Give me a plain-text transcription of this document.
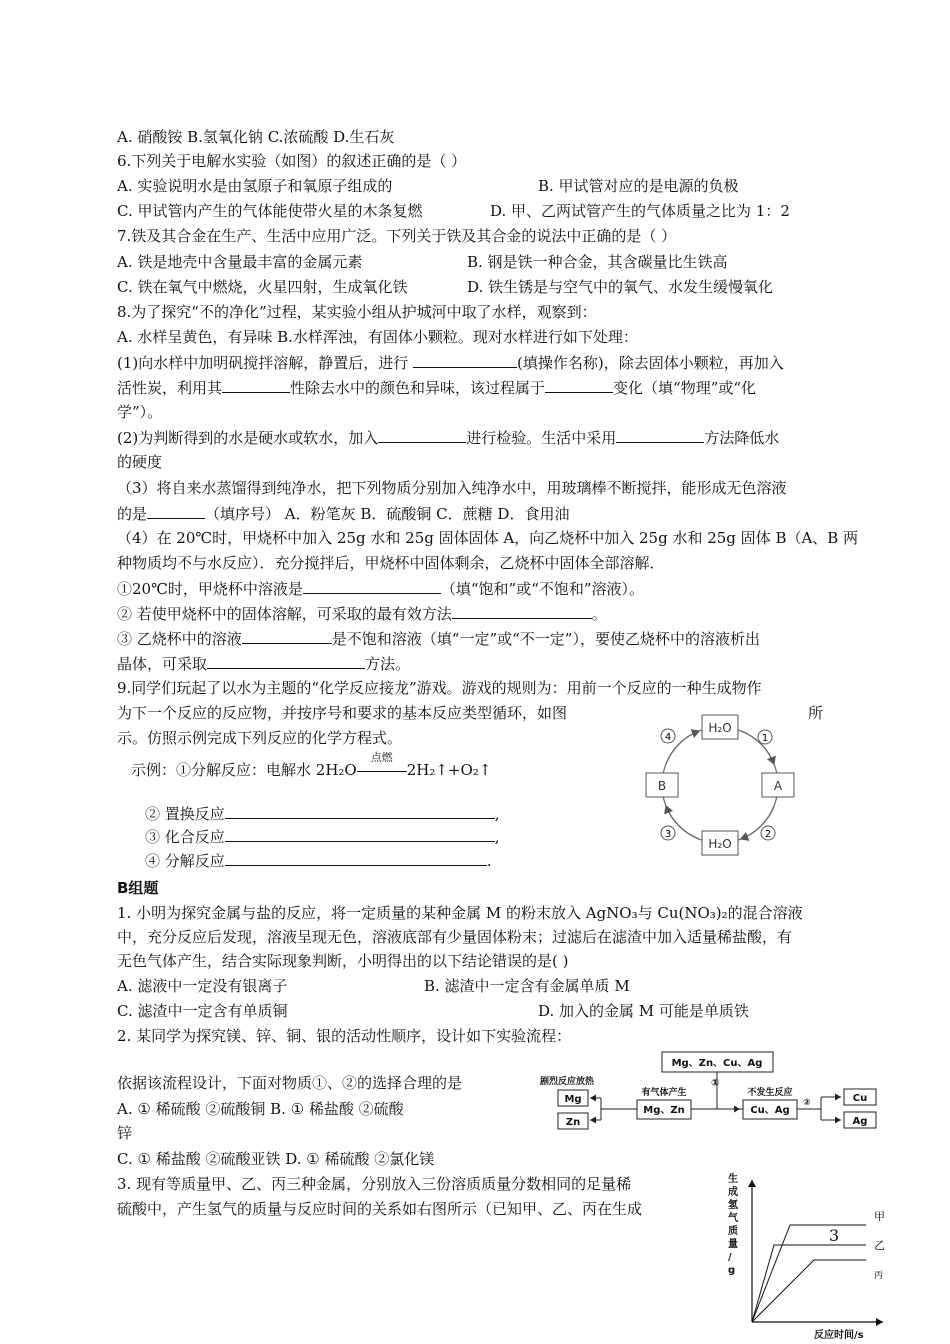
A. 硝酸铵 B.氢氧化钠 C.浓硫酸 D.生石灰
6.下列关于电解水实验（如图）的叙述正确的是（ ）
A. 实验说明水是由氢原子和氧原子组成的	B. 甲试管对应的是电源的负极
C. 甲试管内产生的气体能使带火星的木条复燃	D. 甲、乙两试管产生的气体质量之比为 1：2
7.铁及其合金在生产、生活中应用广泛。下列关于铁及其合金的说法中正确的是（ ）
A. 铁是地壳中含量最丰富的金属元素	B. 钢是铁一种合金，其含碳量比生铁高
C. 铁在氧气中燃烧，火星四射，生成氧化铁	D. 铁生锈是与空气中的氧气、水发生缓慢氧化
8.为了探究“不的净化”过程，某实验小组从护城河中取了水样，观察到：
A. 水样呈黄色，有异味 B.水样浑浊，有固体小颗粒。现对水样进行如下处理：
(1)向水样中加明矾搅拌溶解，静置后，进行	(填操作名称)，除去固体小颗粒，再加入
活性炭，利用其	性除去水中的颜色和异味，该过程属于	变化（填“物理”或“化
学”）。
(2)为判断得到的水是硬水或软水，加入	进行检验。生活中采用	方法降低水
的硬度
（3）将自来水蒸馏得到纯净水，把下列物质分别加入纯净水中，用玻璃棒不断搅拌，能形成无色溶液
的是	（填序号） A．粉笔灰 B．硫酸铜 C．蔗糖 D．食用油
（4）在 20℃时，甲烧杯中加入 25g 水和 25g 固体固体 A，向乙烧杯中加入 25g 水和 25g 固体 B（A、B 两
种物质均不与水反应）．充分搅拌后，甲烧杯中固体剩余，乙烧杯中固体全部溶解．
①20℃时，甲烧杯中溶液是	（填“饱和”或“不饱和”溶液）。
② 若使甲烧杯中的固体溶解，可采取的最有效方法	。
③ 乙烧杯中的溶液	是不饱和溶液（填“一定”或“不一定”），要使乙烧杯中的溶液析出
晶体，可采取	方法。
9.同学们玩起了以水为主题的“化学反应接龙”游戏。游戏的规则为：用前一个反应的一种生成物作
为下一个反应的反应物，并按序号和要求的基本反应类型循环，如图	所
示。仿照示例完成下列反应的化学方程式。
示例：①分解反应：电解水 2H₂O
点燃
2H₂↑+O₂↑
② 置换反应	,
③ 化合反应	,
④ 分解反应	.
H₂O
A
H₂O
B
1
2
3
4
B组题
1. 小明为探究金属与盐的反应，将一定质量的某种金属 M 的粉末放入 AgNO₃与 Cu(NO₃)₂的混合溶液
中，充分反应后发现，溶液呈现无色，溶液底部有少量固体粉末；过滤后在滤渣中加入适量稀盐酸，有
无色气体产生，结合实际现象判断，小明得出的以下结论错误的是( )
A. 滤液中一定没有银离子	B. 滤渣中一定含有金属单质 M
C. 滤渣中一定含有单质铜	D. 加入的金属 M 可能是单质铁
2. 某同学为探究镁、锌、铜、银的活动性顺序，设计如下实验流程：
依据该流程设计，下面对物质①、②的选择合理的是
A. ① 稀硫酸 ②硫酸铜 B. ① 稀盐酸 ②硫酸
锌
C. ① 稀盐酸 ②硫酸亚铁 D. ① 稀硫酸 ②氯化镁
3. 现有等质量甲、乙、丙三种金属，分别放入三份溶质质量分数相同的足量稀
硫酸中，产生氢气的质量与反应时间的关系如右图所示（已知甲、乙、丙在生成
Mg、Zn、Cu、Ag
①
Mg、Zn
有气体产生
Cu、Ag
不发生反应
Mg
Zn
剧烈反应放热
②	Cu
Ag
生成氢气质量/ g
反应时间/s
甲
乙
丙
3
